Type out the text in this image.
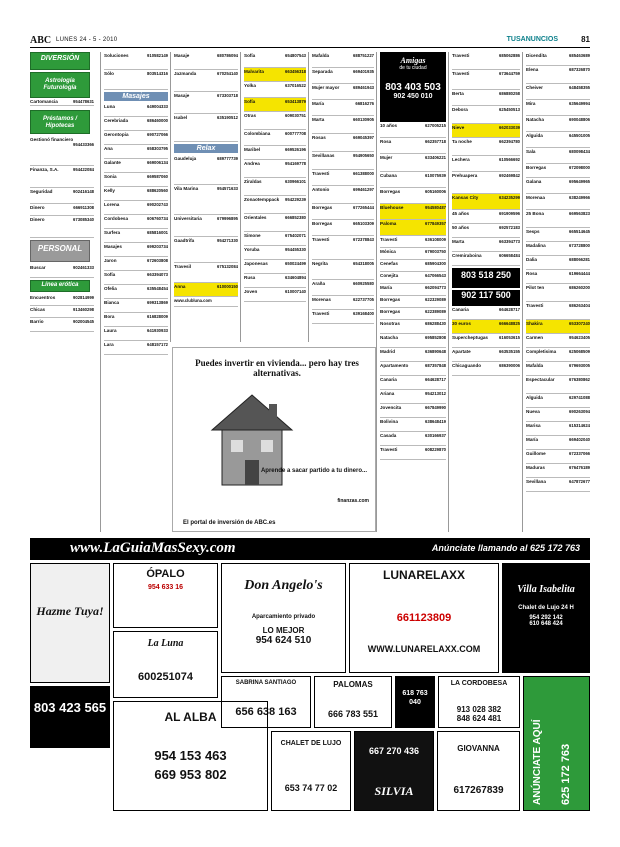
ABC LUNES 24 - 5 - 2010	TUSANUNCIOS	81
DIVERSIÓN
Astrología Futurología
Cartomancia	954478631
Préstamos / Hipotecas
Gestionó financiero
954433366
Finanza, S.A.	954422084
Seguridad	902416148
Dinero	666911308
Dinero	673085340
PERSONAL
Buscar	902461333
Línea erótica
Encuentros	902814999
Chicas	913460298
Barrio	902004545
Soluciones	910582149
Sólo	803514316
Masajes
Luna	649004333
Cerebriada	686460000
Gerontopia	690727066
Ana	658303795
Galante	669006134
Sonia	669587060
Kelly	688620560
Lorena	690202743
Cordobesa	606760734
Surfera	685816001
Masajes	699203734
Jaron	672603808
Sofía	663394073
Ofelia	635548454
Bianca	699313869
Bora	616828009
Laura	641930933
Lara	648157172
Masaje	680786094
Jazmanda	670254140
Masaje	673303718
Isabel	635190512
Relax
Gaudeluja	689777739
Vila Marina	954571633
Universitaria	679996895
Gaadtrifa	954271330
Travesil	675132084
Anna	610000150
www.clubluna.com
Sofía	654807543
Malvarita	663456318
Yolka	637016522
Sofía	653413879
Otras	609030751
Colombiana	600777708
Maribel	669526196
Andrea	954169778
Ziraldas	630966101
Zonaotemppack 954229239
Orientales	666852380
Simone	675402071
Yoruba	954455330
Japonesas	650024499
Rusa	634604894
Joven	610007140
Mafalda	688751227
Separada	669401935
Mujer mayor	689461943
María	66816276
Marta	660130905
Rosas	669045397
Sevillanas	954905650
Travesti	661388000
Antonio	699461297
Borregas	677265444
Borregas	665103309
Travesti	672378843
Negrita	654318005
Araña	660925580
Morenas	622737705
Travesti	639168400
Amigas
de tu ciudad
803 403 503
902 450 010
10 años	627005215
Rosa	662357718
Mujer	633406221
Cubana	610075939
Borregas	605160006
Bluehouse	954580487
Paloma	677849357
Travesti	636108009
Mónica	679003750
Cenefas	685904300
Conejita	647066543
María	662094773
Borregas	622329089
Borregas	622389089
Nosotras	686288430
Natacha	695852808
Madrid	636890648
Apartamento	687357848
Canaria	664628717
Ariana	954213012
Jovencita	667849990
Bolivina	638648419
Casada	630166937
Travesti	608229870
Travesti	685062886
Travesti	673644759
Berta	686880258
Debora	625450513
Nieve	662033039
Ta noche	662394780
Lechera	610566692
Prehuapera	692469842
Kansas City	634235299
45 años	691909596
50 años	692572183
Marta	663394773
Cremiraboina	606658484
803 518 250
902 117 500
Canaria	664628717
30 euros	666648825
Supercheptugas	616053615
Apartate	663535155
Chicaguando	686390006
Dicendita	685463689
Elena	687326870
Cheiver	648458355
Mira	635649994
Natacha	690048806
Alguida	645501005
Sala	680098434
Borregas	672098000
Galana	695649965
Morenaa	638249966
25 Bona	669563823
Sesps	665514645
Madalina	673728800
Dalia	688066281
Rosa	619664444
Pilot ten	686260200
Travesti	686263404
Shakira	653307240
Carmen	954623405
Completisima	625068509
Mafalda	679693005
Espectacular	676380862
Alguida	629741088
Nueva	690263094
Marisa	615314624
María	669402040
Guillome	672337066
Maduras	676476189
Sevillana	647872677
Puedes invertir en vivienda... pero hay tres alternativas.
Aprende a sacar partido a tu dinero...
finanzas.com
El portal de inversión de ABC.es
www.LaGuiaMasSexy.com	Anúnciate llamando al 625 172 763
Hazme Tuya!
ÓPALO
954 633 16	Don Angelo's
Aparcamiento privado
LO MEJOR
954 624 510
LUNARELAXX
661123809
WWW.LUNARELAXX.COM
Villa Isabelita
Chalet de Lujo 24 H
954 292 142
610 648 424
La Luna
600251074	SABRINA SANTIAGO
656 638 163
PALOMAS
666 783 551
618 763 040
LA CORDOBESA
913 028 382
848 624 481
803 423 565
AL ALBA
954 153 463
669 953 802
CHALET DE LUJO
653 74 77 02
667 270 436
SILVIA
GIOVANNA
617267839	ANÚNCIATE AQUÍ 625 172 763
